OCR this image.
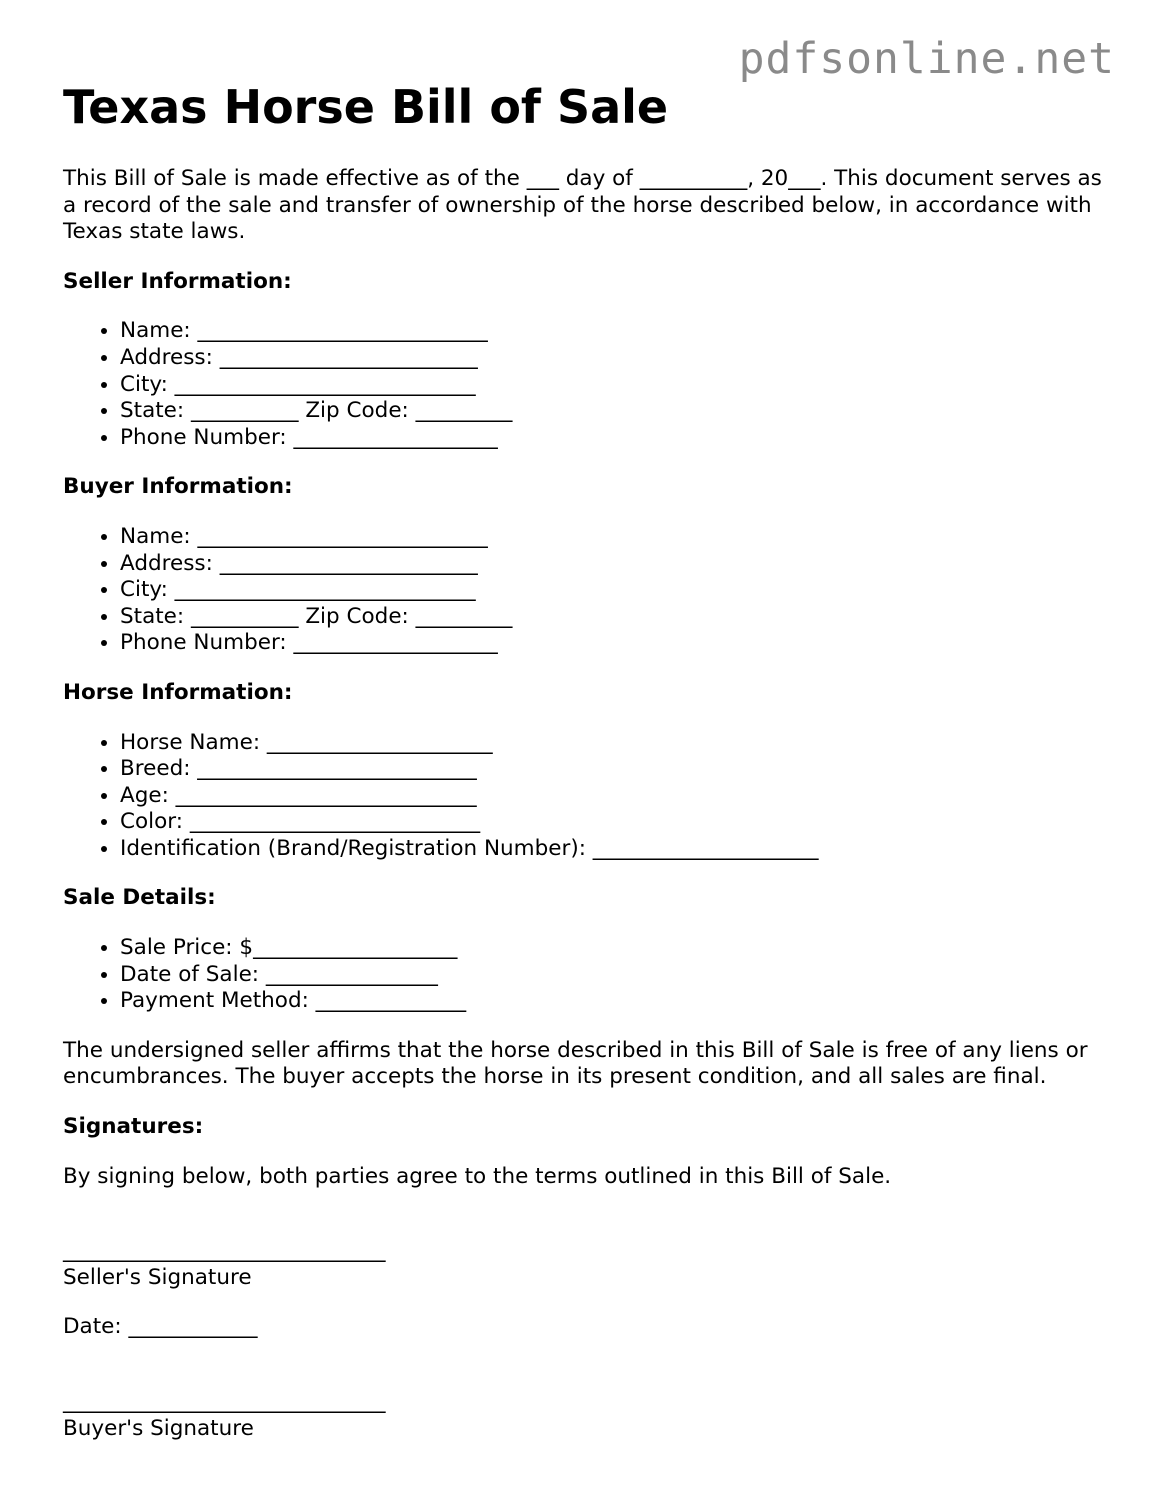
pdfsonline.net
Texas Horse Bill of Sale

This Bill of Sale is made effective as of the ___ day of __________, 20___. This document serves as a record of the sale and transfer of ownership of the horse described below, in accordance with Texas state laws.

Seller Information:
• Name: ___________________________
• Address: ________________________
• City: ____________________________
• State: __________ Zip Code: _________
• Phone Number: ___________________
Buyer Information:
• Name: ___________________________
• Address: ________________________
• City: ____________________________
• State: __________ Zip Code: _________
• Phone Number: ___________________
Horse Information:
• Horse Name: _____________________
• Breed: __________________________
• Age: ____________________________
• Color: ___________________________
• Identification (Brand/Registration Number): _____________________
Sale Details:
• Sale Price: $___________________
• Date of Sale: ________________
• Payment Method: ______________

The undersigned seller affirms that the horse described in this Bill of Sale is free of any liens or encumbrances. The buyer accepts the horse in its present condition, and all sales are final.

Signatures:

By signing below, both parties agree to the terms outlined in this Bill of Sale.

______________________________
Seller's Signature
Date: ____________
______________________________
Buyer's Signature
